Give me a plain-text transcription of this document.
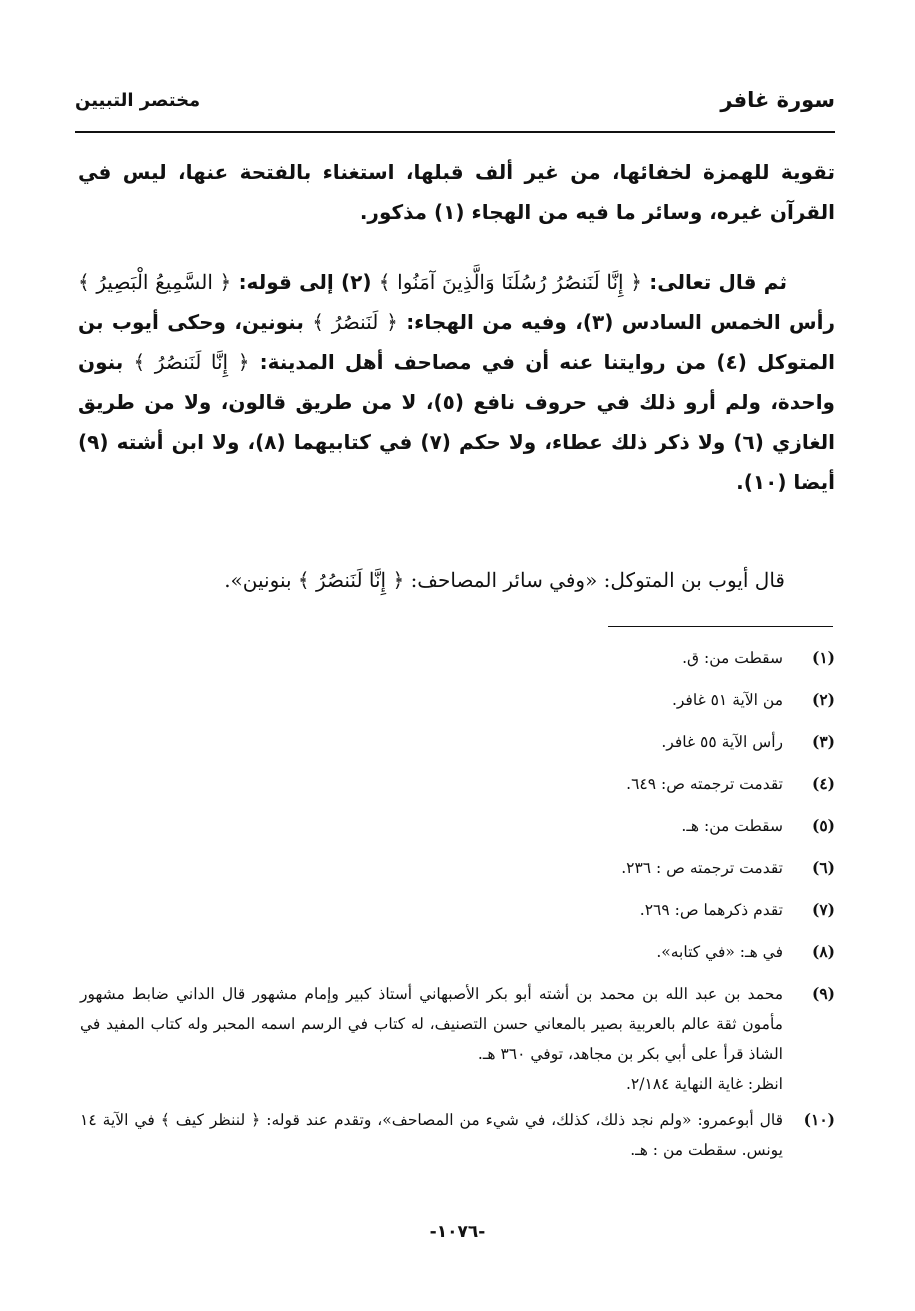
سورة غافر
مختصر التبيين
تقوية للهمزة لخفائها، من غير ألف قبلها، استغناء بالفتحة عنها، ليس في القرآن غيره، وسائر ما فيه من الهجاء (١) مذكور.
ثم قال تعالى: ﴿ إِنَّا لَنَنصُرُ رُسُلَنَا وَالَّذِينَ آمَنُوا ﴾ (٢) إلى قوله: ﴿ السَّمِيعُ الْبَصِيرُ ﴾ رأس الخمس السادس (٣)، وفيه من الهجاء: ﴿ لَنَنصُرُ ﴾ بنونين، وحكى أيوب بن المتوكل (٤) من روايتنا عنه أن في مصاحف أهل المدينة: ﴿ إِنَّا لَنَنصُرُ ﴾ بنون واحدة، ولم أرو ذلك في حروف نافع (٥)، لا من طريق قالون، ولا من طريق الغازي (٦) ولا ذكر ذلك عطاء، ولا حكم (٧) في كتابيهما (٨)، ولا ابن أشته (٩) أيضا (١٠).
قال أيوب بن المتوكل: «وفي سائر المصاحف: ﴿ إِنَّا لَنَنصُرُ ﴾ بنونين».
(١)
سقطت من: ق.
(٢)
من الآية ٥١ غافر.
(٣)
رأس الآية ٥٥ غافر.
(٤)
تقدمت ترجمته ص: ٦٤٩.
(٥)
سقطت من: هـ.
(٦)
تقدمت ترجمته ص : ٢٣٦.
(٧)
تقدم ذكرهما ص: ٢٦٩.
(٨)
في هـ: «في كتابه».
(٩)
محمد بن عبد الله بن محمد بن أشته أبو بكر الأصبهاني أستاذ كبير وإمام مشهور قال الداني ضابط مشهور مأمون ثقة عالم بالعربية بصير بالمعاني حسن التصنيف، له كتاب في الرسم اسمه المحبر وله كتاب المفيد في الشاذ قرأ على أبي بكر بن مجاهد، توفي ٣٦٠ هـ.
انظر: غاية النهاية ٢/١٨٤.
(١٠)
قال أبوعمرو: «ولم نجد ذلك، كذلك، في شيء من المصاحف»، وتقدم عند قوله: ﴿ لننظر كيف ﴾ في الآية ١٤ يونس. سقطت من : هـ.
-١٠٧٦-
